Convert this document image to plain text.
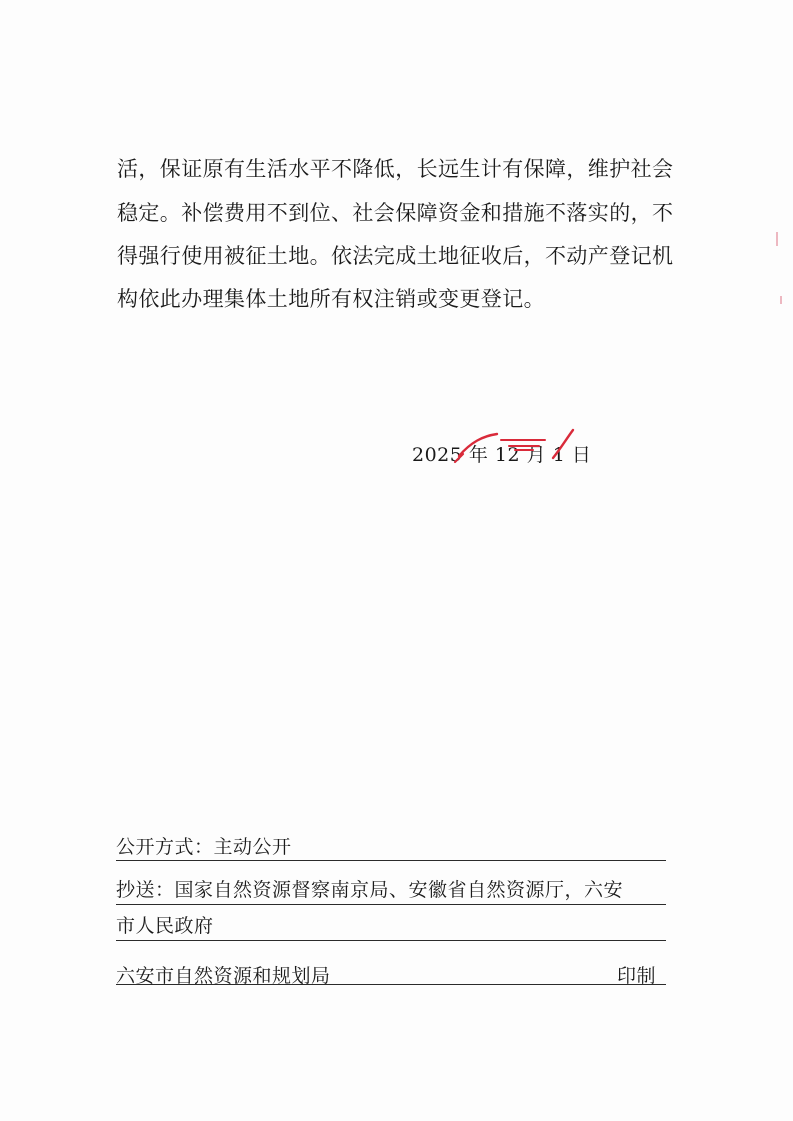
活，保证原有生活水平不降低，长远生计有保障，维护社会
稳定。补偿费用不到位、社会保障资金和措施不落实的，不
得强行使用被征土地。依法完成土地征收后，不动产登记机
构依此办理集体土地所有权注销或变更登记。
2025 年 12 月 1 日
公开方式：主动公开
抄送：国家自然资源督察南京局、安徽省自然资源厅，六安
市人民政府
六安市自然资源和规划局	印制
